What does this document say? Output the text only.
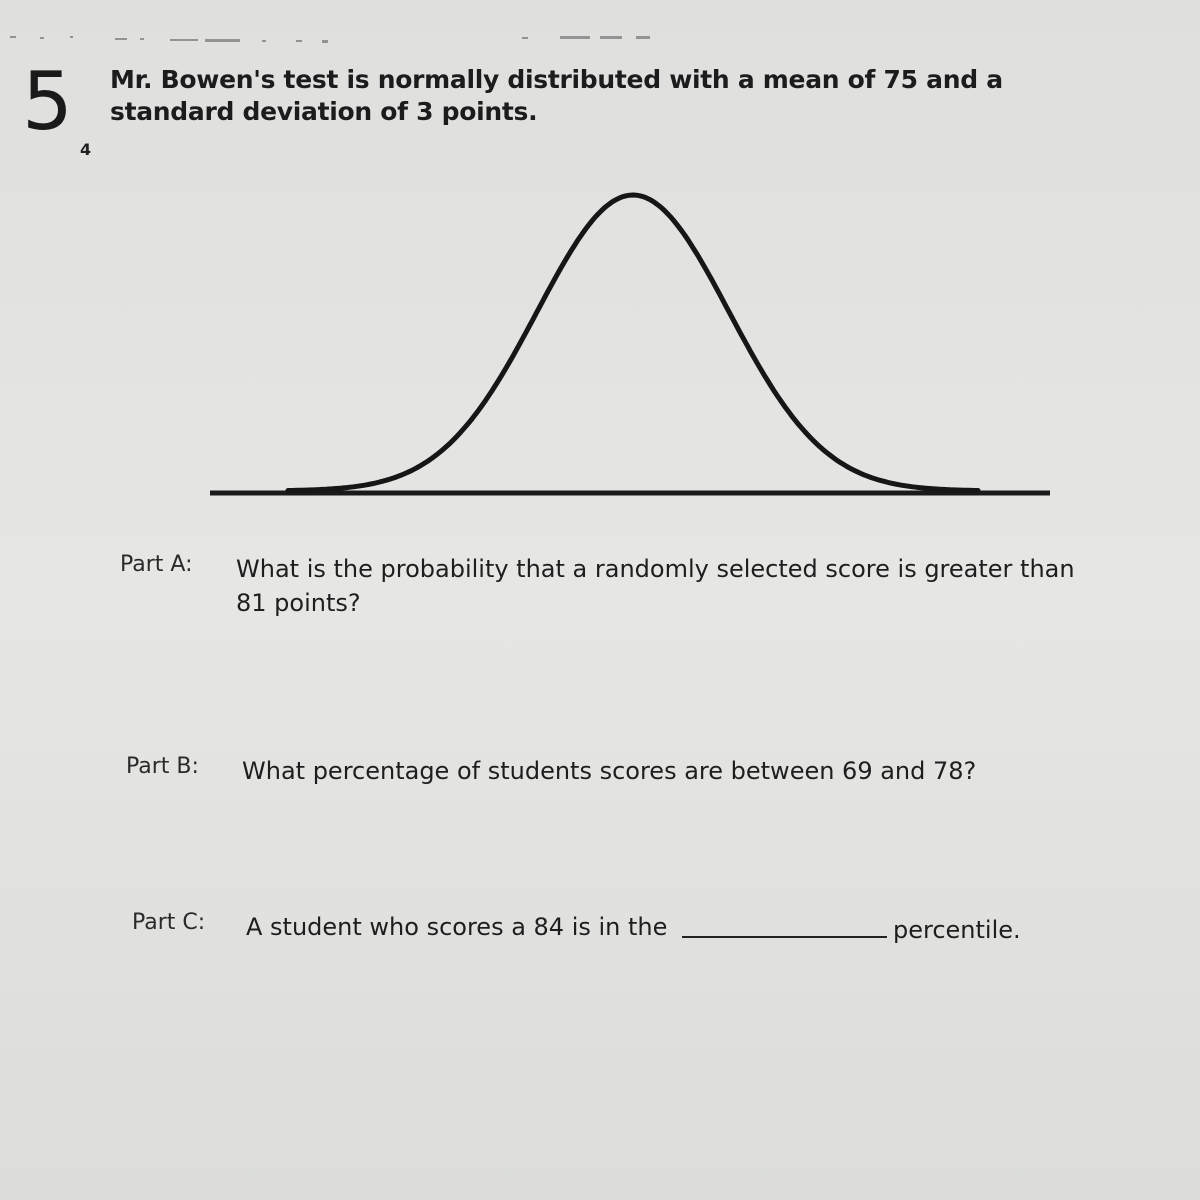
5
4
Mr. Bowen's test is normally distributed with a mean of 75 and a standard deviation of 3 points.
Part A: What is the probability that a randomly selected score is greater than 81 points?
Part B: What percentage of students scores are between 69 and 78?
Part C: A student who scores a 84 is in the	percentile.
